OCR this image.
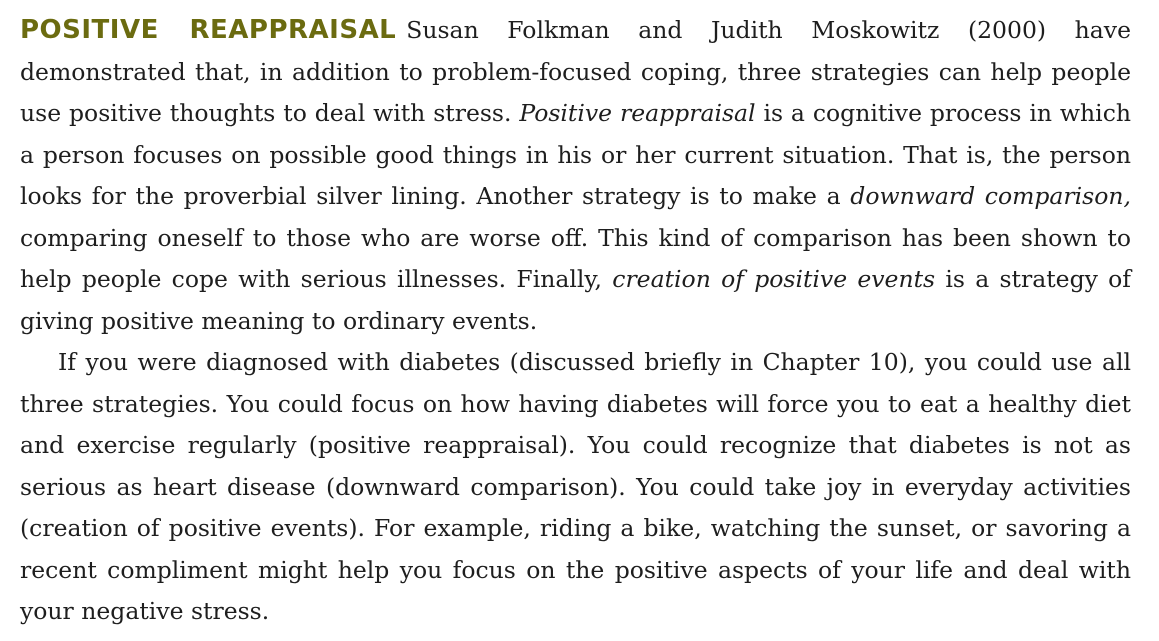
POSITIVE REAPPRAISAL Susan Folkman and Judith Moskowitz (2000) have demonstrated that, in addition to problem-focused coping, three strategies can help people use positive thoughts to deal with stress. Positive reappraisal is a cognitive process in which a person focuses on possible good things in his or her current situation. That is, the person looks for the proverbial silver lining. Another strategy is to make a downward comparison, comparing oneself to those who are worse off. This kind of comparison has been shown to help people cope with serious illnesses. Finally, creation of positive events is a strategy of giving positive meaning to ordinary events.

If you were diagnosed with diabetes (discussed briefly in Chapter 10), you could use all three strategies. You could focus on how having diabetes will force you to eat a healthy diet and exercise regularly (positive reappraisal). You could recognize that diabetes is not as serious as heart disease (downward comparison). You could take joy in everyday activities (creation of positive events). For example, riding a bike, watching the sunset, or savoring a recent compliment might help you focus on the positive aspects of your life and deal with your negative stress.
